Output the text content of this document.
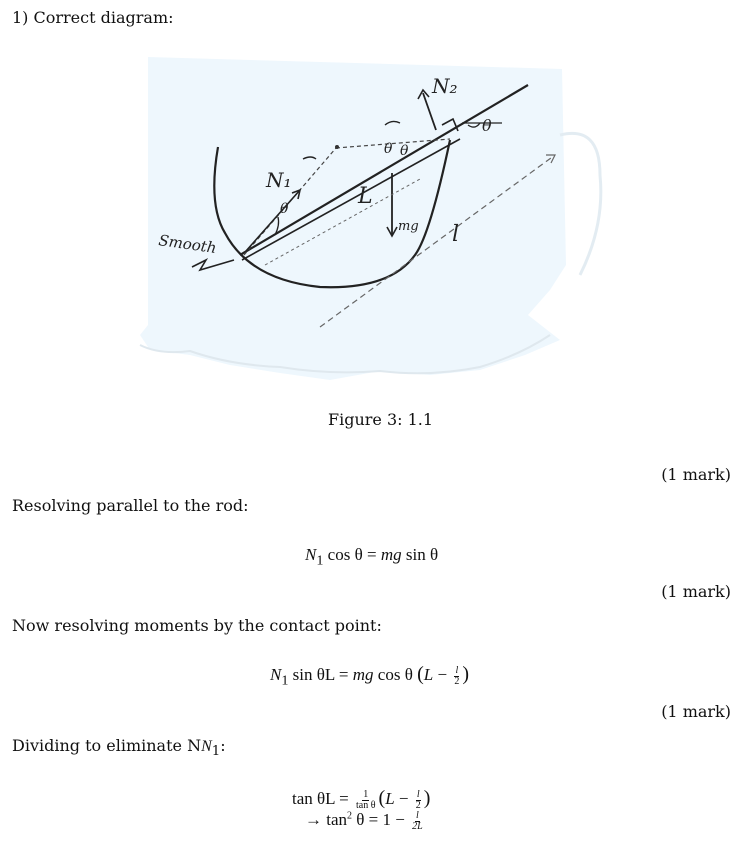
1) Correct diagram:
Smooth
N₁
N₂
L
mg l
θ
θ θ
θ
Figure 3: 1.1
(1 mark)
Resolving parallel to the rod:
$N_1$ cos θ = mg sin θ
(1 mark)
Now resolving moments by the contact point:
$N_1$ sin θL = mg cos θ ($L - \frac{l}{2}$ )
(1 mark)
Dividing to eliminate $NN_1$:
$\tan \theta L = \frac{1}{\text{tan θ}} (L - \frac{l}{2}$ )
→ $\tan^2 \theta = 1 - \frac{l}{2L}$
